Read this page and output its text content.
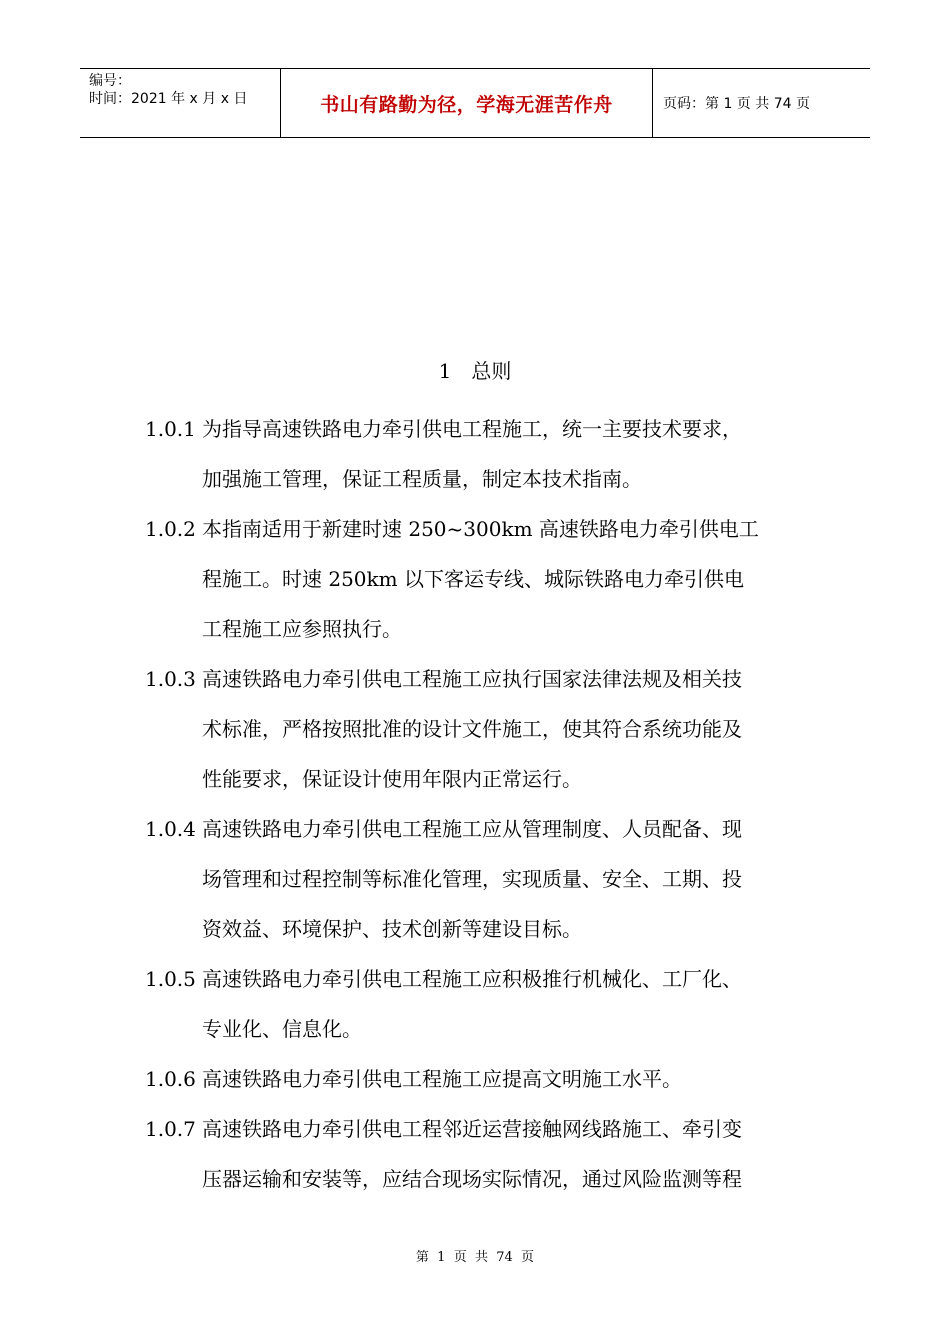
编号：
时间：2021 年 x 月 x 日	书山有路勤为径，学海无涯苦作舟	页码：第 1 页 共 74 页
1　总则
1.0.1 为指导高速铁路电力牵引供电工程施工，统一主要技术要求，
加强施工管理，保证工程质量，制定本技术指南。
1.0.2 本指南适用于新建时速 250~300km 高速铁路电力牵引供电工
程施工。时速 250km 以下客运专线、城际铁路电力牵引供电
工程施工应参照执行。
1.0.3 高速铁路电力牵引供电工程施工应执行国家法律法规及相关技
术标准，严格按照批准的设计文件施工，使其符合系统功能及
性能要求，保证设计使用年限内正常运行。
1.0.4 高速铁路电力牵引供电工程施工应从管理制度、人员配备、现
场管理和过程控制等标准化管理，实现质量、安全、工期、投
资效益、环境保护、技术创新等建设目标。
1.0.5 高速铁路电力牵引供电工程施工应积极推行机械化、工厂化、
专业化、信息化。
1.0.6 高速铁路电力牵引供电工程施工应提高文明施工水平。
1.0.7 高速铁路电力牵引供电工程邻近运营接触网线路施工、牵引变
压器运输和安装等，应结合现场实际情况，通过风险监测等程
第  1  页  共  74  页
